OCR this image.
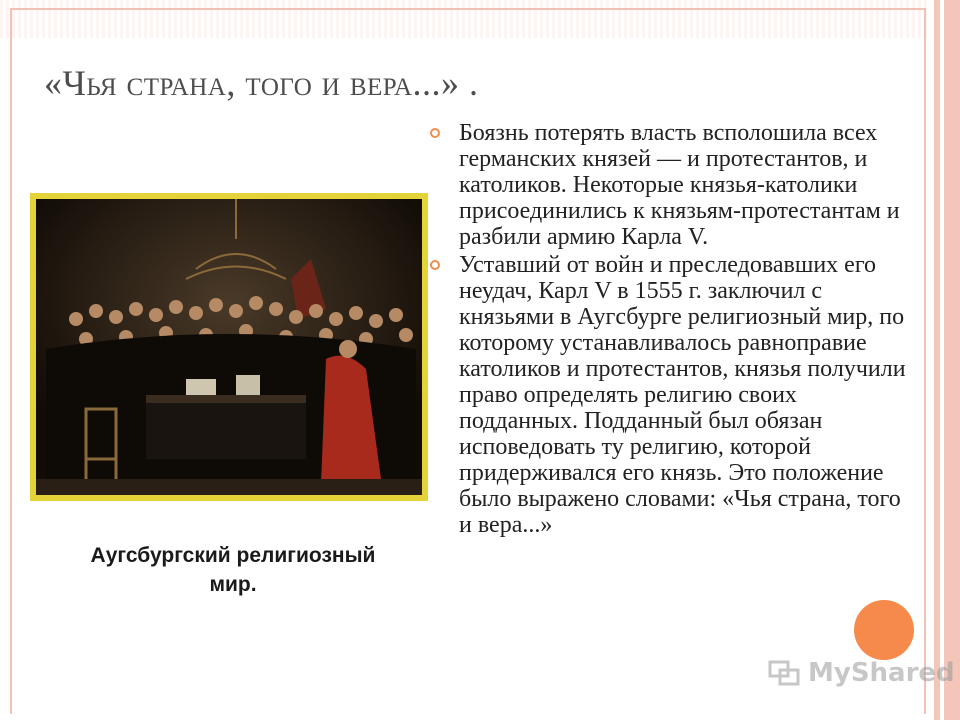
«Чья страна, того и вера...» .
Аугсбургский религиозный мир.
Боязнь потерять власть всполошила всех германских князей — и протестантов, и католиков. Некоторые князья-католики присоединились к князьям-протестантам и разбили армию Карла V.
Уставший от войн и преследовавших его неудач, Карл V в 1555 г. заключил с князьями в Аугсбурге религиозный мир, по которому устанавливалось равноправие католиков и протестантов, князья получили право определять религию своих подданных. Подданный был обязан исповедовать ту религию, которой придерживался его князь. Это положение было выражено словами: «Чья страна, того и вера...»
MyShared
